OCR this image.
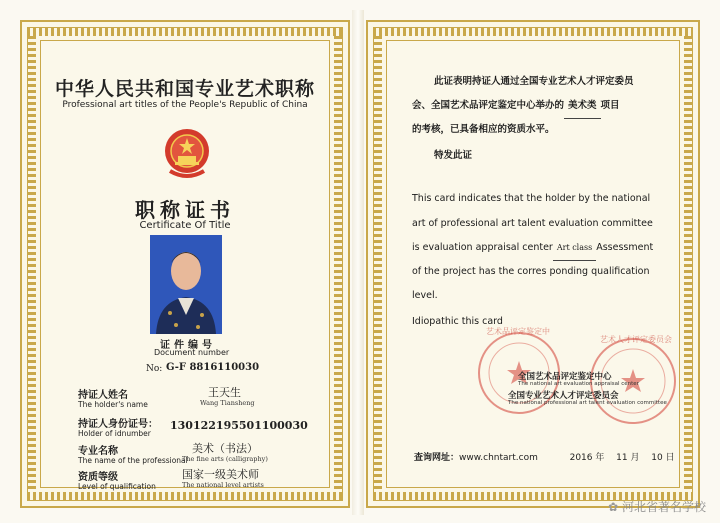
中华人民共和国专业艺术职称
Professional art titles of the People's Republic of China
职称证书
Certificate Of Title
证件编号
Document number
No: G-F 8816110030
持证人姓名
The holder's name
王天生
Wang Tiansheng
持证人身份证号：
Holder of idnumber
130122195501100030
专业名称
The name of the professional
美术（书法）
The fine arts (calligraphy)
资质等级
Level of qualification
国家一级美术师
The national level artists
此证表明持证人通过全国专业艺术人才评定委员
会、全国艺术品评定鉴定中心举办的 美术类 项目
的考核，已具备相应的资质水平。
特发此证
This card indicates that the holder by the national
art of professional art talent evaluation committee
is evaluation appraisal center Art class Assessment
of the project has the corres ponding qualification
level.
Idiopathic this card
艺术品评定鉴定中
艺术人才评定委员会
全国艺术品评定鉴定中心
The national art evaluation appraisal center
全国专业艺术人才评定委员会
The national professional art talent evaluation committee
查询网址：www.chntart.com	2016 年 11 月 10 日
✿ 河北省著名学校
